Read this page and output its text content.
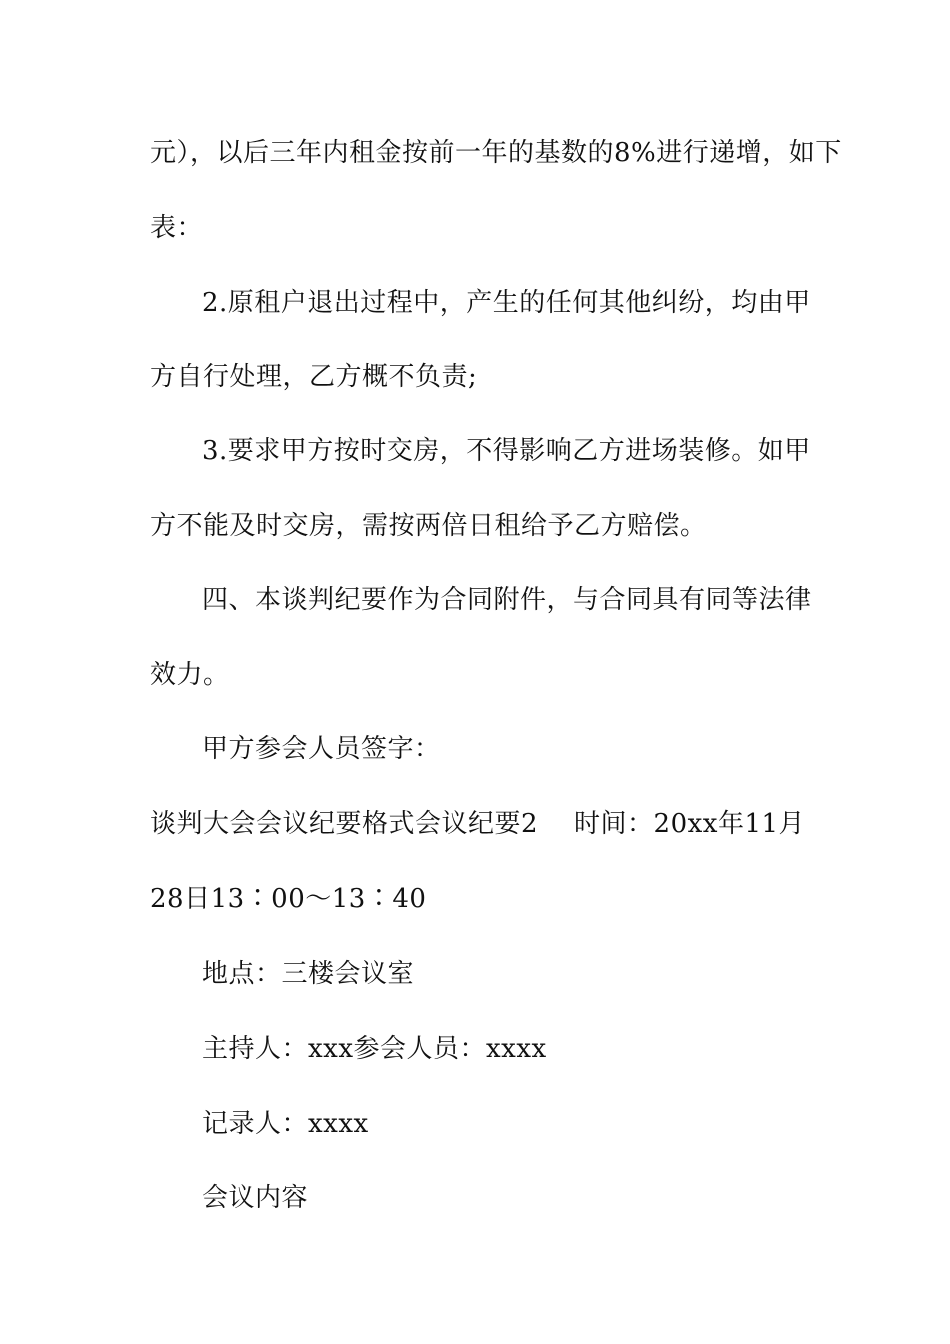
元），以后三年内租金按前一年的基数的8%进行递增，如下
表：
2.原租户退出过程中，产生的任何其他纠纷，均由甲
方自行处理，乙方概不负责;
3.要求甲方按时交房，不得影响乙方进场装修。如甲
方不能及时交房，需按两倍日租给予乙方赔偿。
四、本谈判纪要作为合同附件，与合同具有同等法律
效力。
甲方参会人员签字：
谈判大会会议纪要格式会议纪要2 时间：20xx年11月
28日13∶00～13∶40
地点：三楼会议室
主持人：xxx参会人员：xxxx
记录人：xxxx
会议内容
